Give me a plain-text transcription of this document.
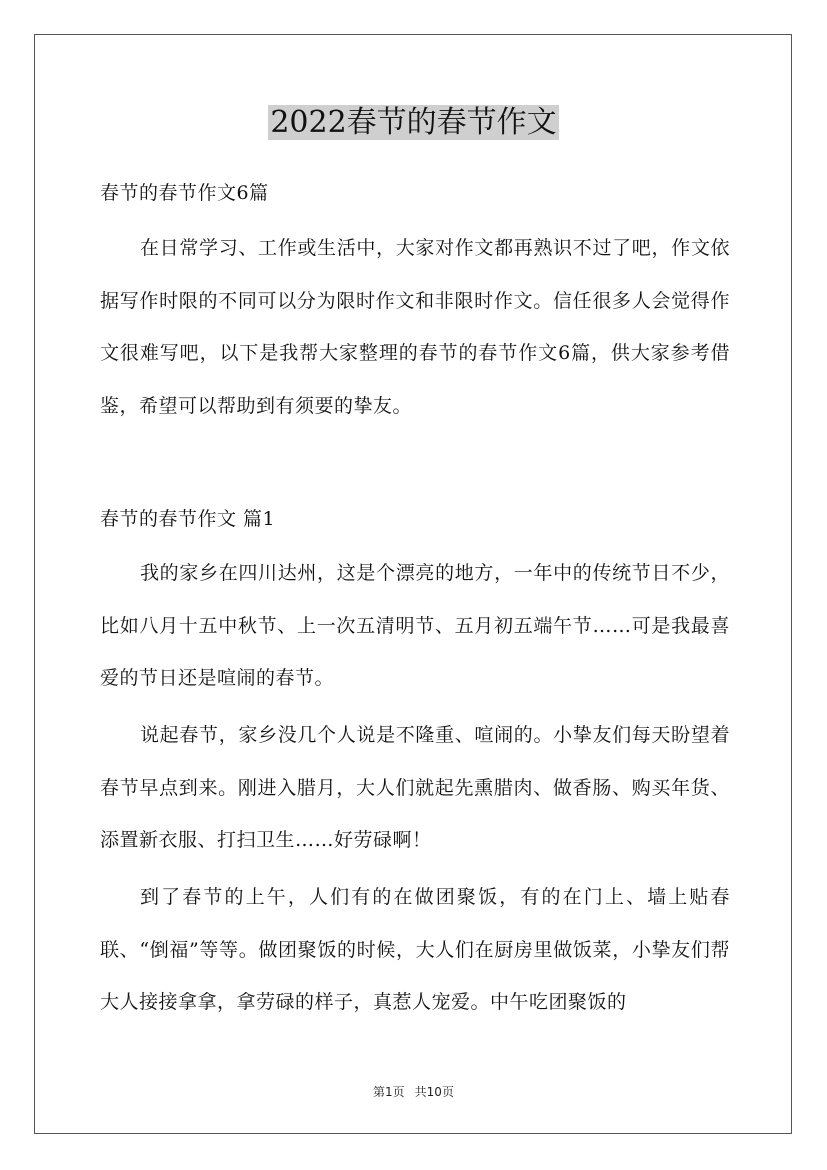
2022春节的春节作文

春节的春节作文6篇

在日常学习、工作或生活中，大家对作文都再熟识不过了吧，作文依据写作时限的不同可以分为限时作文和非限时作文。信任很多人会觉得作文很难写吧，以下是我帮大家整理的春节的春节作文6篇，供大家参考借鉴，希望可以帮助到有须要的挚友。

春节的春节作文 篇1

我的家乡在四川达州，这是个漂亮的地方，一年中的传统节日不少，比如八月十五中秋节、上一次五清明节、五月初五端午节……可是我最喜爱的节日还是喧闹的春节。

说起春节，家乡没几个人说是不隆重、喧闹的。小挚友们每天盼望着春节早点到来。刚进入腊月，大人们就起先熏腊肉、做香肠、购买年货、添置新衣服、打扫卫生……好劳碌啊！

到了春节的上午，人们有的在做团聚饭，有的在门上、墙上贴春联、“倒福”等等。做团聚饭的时候，大人们在厨房里做饭菜，小挚友们帮大人接接拿拿，拿劳碌的样子，真惹人宠爱。中午吃团聚饭的

第1页 共10页
